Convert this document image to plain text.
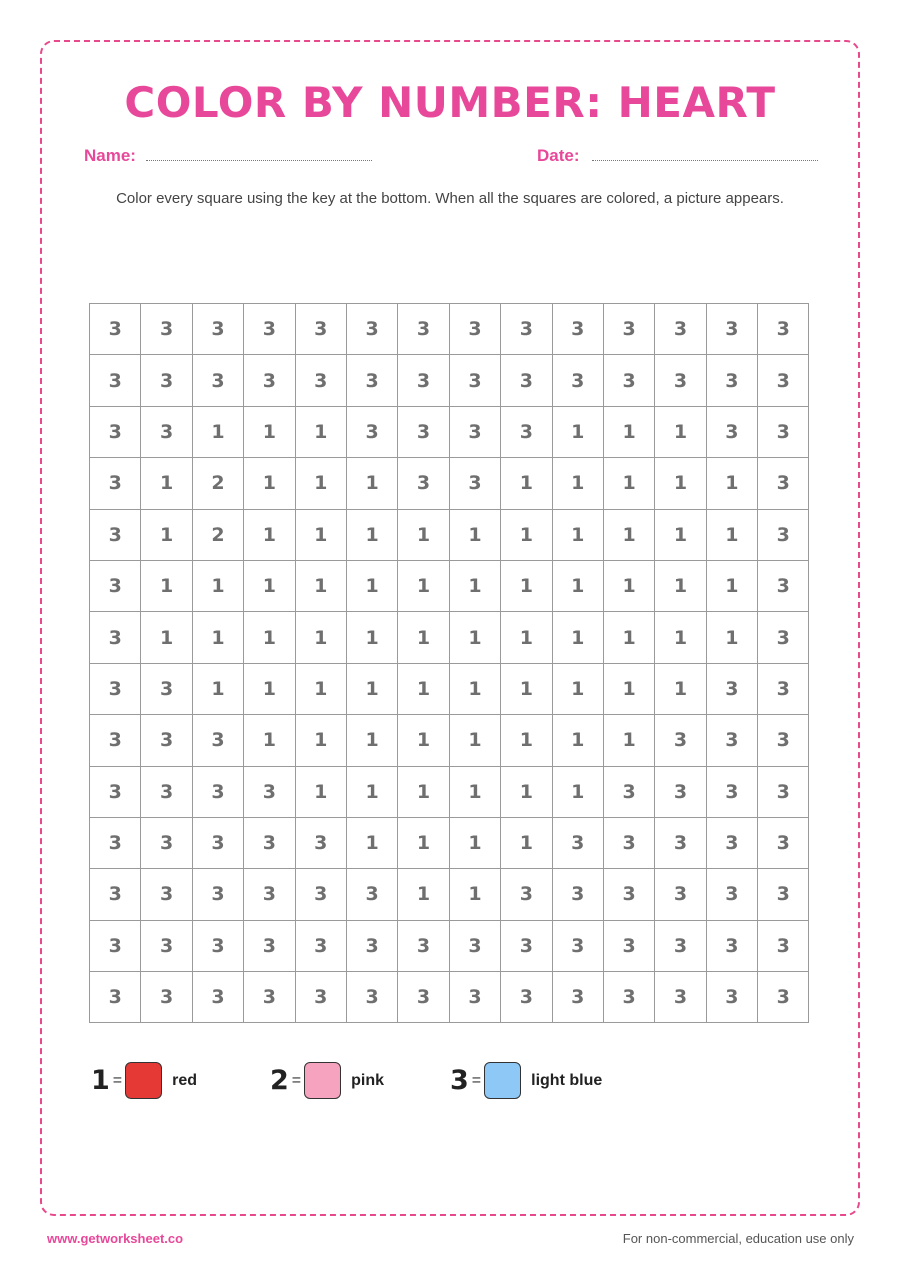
COLOR BY NUMBER: HEART
Name:	Date:
Color every square using the key at the bottom. When all the squares are colored, a picture appears.
3	3	3	3	3	3	3	3	3	3	3	3	3	3
3	3	3	3	3	3	3	3	3	3	3	3	3	3
3	3	1	1	1	3	3	3	3	1	1	1	3	3
3	1	2	1	1	1	3	3	1	1	1	1	1	3
3	1	2	1	1	1	1	1	1	1	1	1	1	3
3	1	1	1	1	1	1	1	1	1	1	1	1	3
3	1	1	1	1	1	1	1	1	1	1	1	1	3
3	3	1	1	1	1	1	1	1	1	1	1	3	3
3	3	3	1	1	1	1	1	1	1	1	3	3	3
3	3	3	3	1	1	1	1	1	1	3	3	3	3
3	3	3	3	3	1	1	1	1	3	3	3	3	3
3	3	3	3	3	3	1	1	3	3	3	3	3	3
3	3	3	3	3	3	3	3	3	3	3	3	3	3
3	3	3	3	3	3	3	3	3	3	3	3	3	3
1 =	red	2 =	pink 3 =	light blue
www.getworksheet.co	For non-commercial, education use only
